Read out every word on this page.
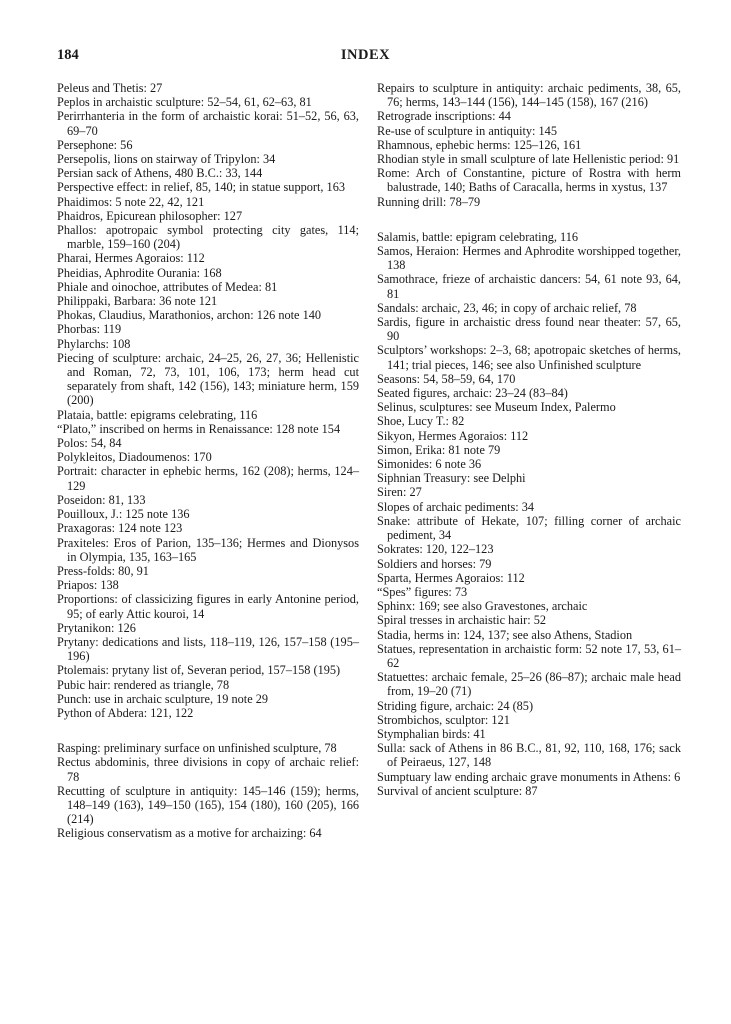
184	INDEX
Peleus and Thetis: 27
Peplos in archaistic sculpture: 52–54, 61, 62–63, 81
Perirrhanteria in the form of archaistic korai: 51–52, 56, 63, 69–70
Persephone: 56
Persepolis, lions on stairway of Tripylon: 34
Persian sack of Athens, 480 B.C.: 33, 144
Perspective effect: in relief, 85, 140; in statue support, 163
Phaidimos: 5 note 22, 42, 121
Phaidros, Epicurean philosopher: 127
Phallos: apotropaic symbol protecting city gates, 114; marble, 159–160 (204)
Pharai, Hermes Agoraios: 112
Pheidias, Aphrodite Ourania: 168
Phiale and oinochoe, attributes of Medea: 81
Philippaki, Barbara: 36 note 121
Phokas, Claudius, Marathonios, archon: 126 note 140
Phorbas: 119
Phylarchs: 108
Piecing of sculpture: archaic, 24–25, 26, 27, 36; Hellenistic and Roman, 72, 73, 101, 106, 173; herm head cut separately from shaft, 142 (156), 143; miniature herm, 159 (200)
Plataia, battle: epigrams celebrating, 116
“Plato,” inscribed on herms in Renaissance: 128 note 154
Polos: 54, 84
Polykleitos, Diadoumenos: 170
Portrait: character in ephebic herms, 162 (208); herms, 124–129
Poseidon: 81, 133
Pouilloux, J.: 125 note 136
Praxagoras: 124 note 123
Praxiteles: Eros of Parion, 135–136; Hermes and Dionysos in Olympia, 135, 163–165
Press-folds: 80, 91
Priapos: 138
Proportions: of classicizing figures in early Antonine period, 95; of early Attic kouroi, 14
Prytanikon: 126
Prytany: dedications and lists, 118–119, 126, 157–158 (195–196)
Ptolemais: prytany list of, Severan period, 157–158 (195)
Pubic hair: rendered as triangle, 78
Punch: use in archaic sculpture, 19 note 29
Python of Abdera: 121, 122
Rasping: preliminary surface on unfinished sculpture, 78
Rectus abdominis, three divisions in copy of archaic relief: 78
Recutting of sculpture in antiquity: 145–146 (159); herms, 148–149 (163), 149–150 (165), 154 (180), 160 (205), 166 (214)
Religious conservatism as a motive for archaizing: 64
Repairs to sculpture in antiquity: archaic pediments, 38, 65, 76; herms, 143–144 (156), 144–145 (158), 167 (216)
Retrograde inscriptions: 44
Re-use of sculpture in antiquity: 145
Rhamnous, ephebic herms: 125–126, 161
Rhodian style in small sculpture of late Hellenistic period: 91
Rome: Arch of Constantine, picture of Rostra with herm balustrade, 140; Baths of Caracalla, herms in xystus, 137
Running drill: 78–79
Salamis, battle: epigram celebrating, 116
Samos, Heraion: Hermes and Aphrodite worshipped together, 138
Samothrace, frieze of archaistic dancers: 54, 61 note 93, 64, 81
Sandals: archaic, 23, 46; in copy of archaic relief, 78
Sardis, figure in archaistic dress found near theater: 57, 65, 90
Sculptors’ workshops: 2–3, 68; apotropaic sketches of herms, 141; trial pieces, 146; see also Unfinished sculpture
Seasons: 54, 58–59, 64, 170
Seated figures, archaic: 23–24 (83–84)
Selinus, sculptures: see Museum Index, Palermo
Shoe, Lucy T.: 82
Sikyon, Hermes Agoraios: 112
Simon, Erika: 81 note 79
Simonides: 6 note 36
Siphnian Treasury: see Delphi
Siren: 27
Slopes of archaic pediments: 34
Snake: attribute of Hekate, 107; filling corner of archaic pediment, 34
Sokrates: 120, 122–123
Soldiers and horses: 79
Sparta, Hermes Agoraios: 112
“Spes” figures: 73
Sphinx: 169; see also Gravestones, archaic
Spiral tresses in archaistic hair: 52
Stadia, herms in: 124, 137; see also Athens, Stadion
Statues, representation in archaistic form: 52 note 17, 53, 61–62
Statuettes: archaic female, 25–26 (86–87); archaic male head from, 19–20 (71)
Striding figure, archaic: 24 (85)
Strombichos, sculptor: 121
Stymphalian birds: 41
Sulla: sack of Athens in 86 B.C., 81, 92, 110, 168, 176; sack of Peiraeus, 127, 148
Sumptuary law ending archaic grave monuments in Athens: 6
Survival of ancient sculpture: 87
